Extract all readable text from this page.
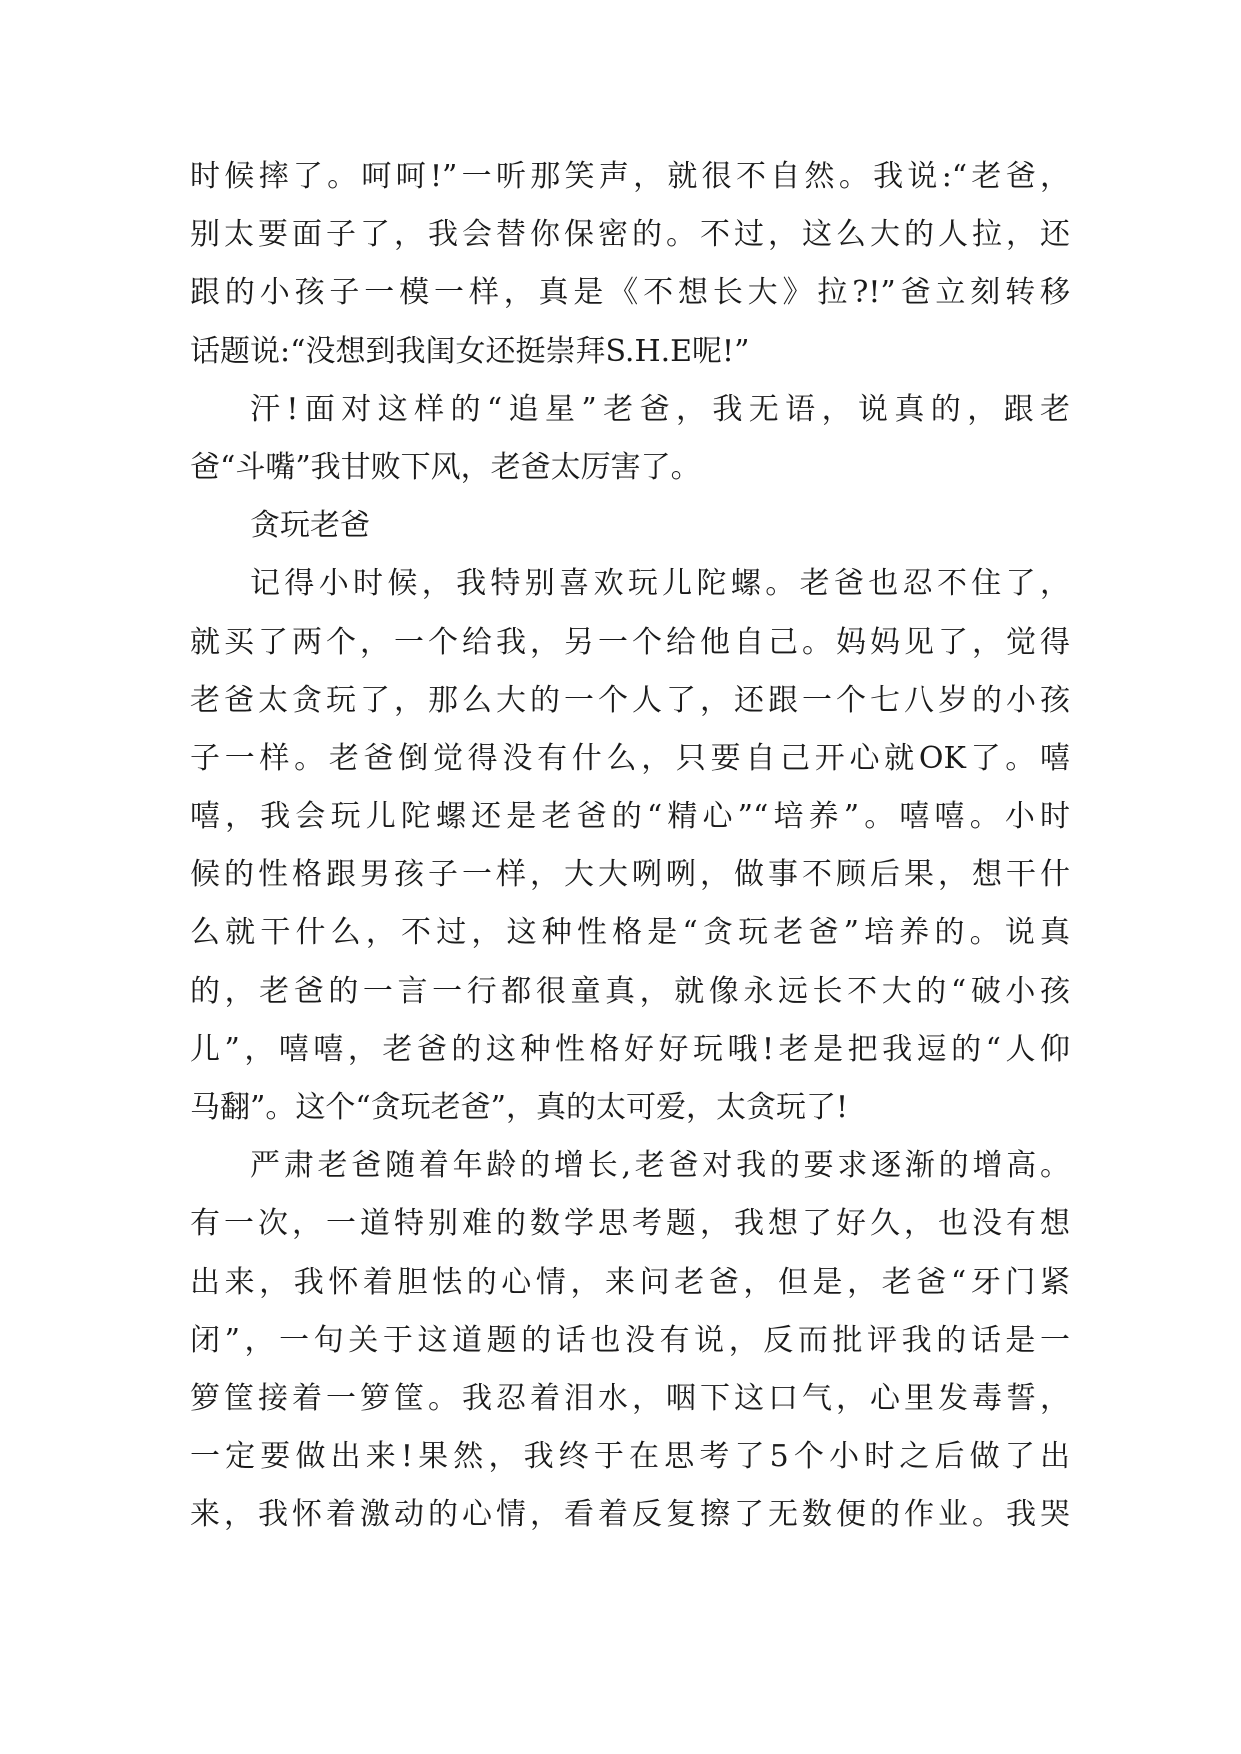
时候摔了。呵呵!”一听那笑声，就很不自然。我说:“老爸，
别太要面子了，我会替你保密的。不过，这么大的人拉，还
跟的小孩子一模一样，真是《不想长大》拉?!”爸立刻转移
话题说:“没想到我闺女还挺崇拜S.H.E呢!”
汗!面对这样的“追星”老爸，我无语，说真的，跟老
爸“斗嘴”我甘败下风，老爸太厉害了。
贪玩老爸
记得小时候，我特别喜欢玩儿陀螺。老爸也忍不住了，
就买了两个，一个给我，另一个给他自己。妈妈见了，觉得
老爸太贪玩了，那么大的一个人了，还跟一个七八岁的小孩
子一样。老爸倒觉得没有什么，只要自己开心就OK了。嘻
嘻，我会玩儿陀螺还是老爸的“精心”“培养”。嘻嘻。小时
候的性格跟男孩子一样，大大咧咧，做事不顾后果，想干什
么就干什么，不过，这种性格是“贪玩老爸”培养的。说真
的，老爸的一言一行都很童真，就像永远长不大的“破小孩
儿”，嘻嘻，老爸的这种性格好好玩哦!老是把我逗的“人仰
马翻”。这个“贪玩老爸”，真的太可爱，太贪玩了!
严肃老爸随着年龄的增长,老爸对我的要求逐渐的增高。
有一次，一道特别难的数学思考题，我想了好久，也没有想
出来，我怀着胆怯的心情，来问老爸，但是，老爸“牙门紧
闭”，一句关于这道题的话也没有说，反而批评我的话是一
箩筐接着一箩筐。我忍着泪水，咽下这口气，心里发毒誓，
一定要做出来!果然，我终于在思考了5个小时之后做了出
来，我怀着激动的心情，看着反复擦了无数便的作业。我哭
